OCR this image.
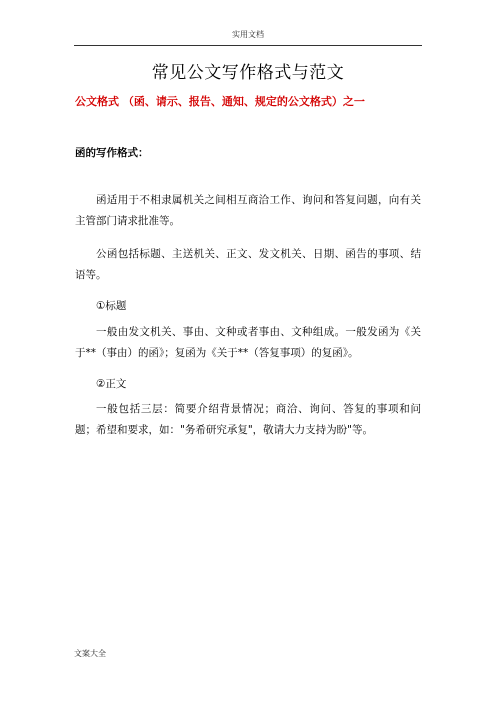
实用文档
常见公文写作格式与范文
公文格式 （函、请示、报告、通知、规定的公文格式）之一
函的写作格式：

函适用于不相隶属机关之间相互商洽工作、询问和答复问题，向有关主管部门请求批准等。

公函包括标题、主送机关、正文、发文机关、日期、函告的事项、结语等。

①标题

一般由发文机关、事由、文种或者事由、文种组成。一般发函为《关于**（事由）的函》；复函为《关于**（答复事项）的复函》。

②正文

一般包括三层：简要介绍背景情况；商洽、询问、答复的事项和问题；希望和要求，如："务希研究承复"，敬请大力支持为盼"等。

文案大全
